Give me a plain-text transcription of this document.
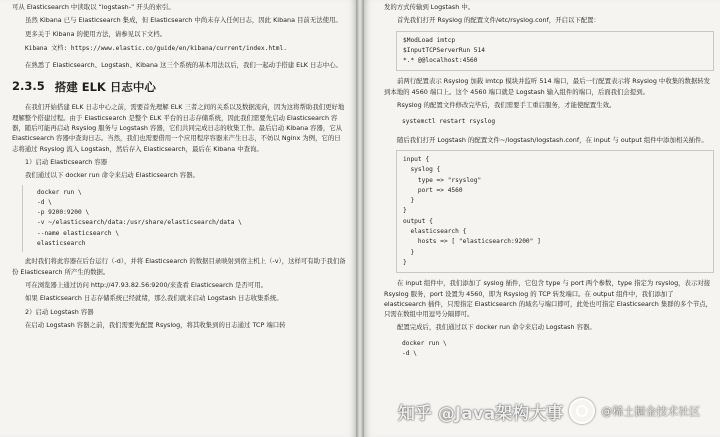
可从 Elasticsearch 中读取以 “logstash-” 开头的索引。

虽然 Kibana 已与 Elasticsearch 集成，但 Elasticsearch 中尚未存入任何日志，因此 Kibana 目前无法使用。

更多关于 Kibana 的使用方法，请参见以下文档。

Kibana 文档: https://www.elastic.co/guide/en/kibana/current/index.html.

在熟悉了 Elasticsearch、Logstash、Kibana 这三个系统的基本用法以后，我们一起动手搭建 ELK 日志中心。

2.3.5 搭建 ELK 日志中心

在我们开始搭建 ELK 日志中心之前，需要首先理解 ELK 三者之间的关系以及数据流向，因为这将帮助我们更好地理解整个搭建过程。由于 Elasticsearch 是整个 ELK 平台的日志存储系统，因此我们需要先启动 Elasticsearch 容器，随后可能再启动 Rsyslog 服务与 Logstash 容器，它们共同完成日志的收集工作。最后启动 Kibana 容器，它从 Elasticsearch 容器中查询日志。当然，我们也需要借用一个应用程序容器来产生日志，不妨以 Nginx 为例，它的日志将通过 Rsyslog 流入 Logstash，然后存入 Elasticsearch，最后在 Kibana 中查询。

1）启动 Elasticsearch 容器

我们通过以下 docker run 命令来启动 Elasticsearch 容器。

docker run \
-d \
-p 9200:9200 \
-v ~/elasticsearch/data:/usr/share/elasticsearch/data \
--name elasticsearch \
elasticsearch

此时我们将此容器在后台运行（-d），并将 Elasticsearch 的数据目录映射到宿主机上（-v），这样可有助于我们备份 Elasticsearch 所产生的数据。

可在浏览器上通过访问 http://47.93.82.56:9200/来查看 Elasticsearch 是否可用。

如果 Elasticsearch 日志存储系统已经就绪，那么我们就来启动 Logstash 日志收集系统。

2）启动 Logstash 容器

在启动 Logstash 容器之前，我们需要先配置 Rsyslog，将其收集到的日志通过 TCP 端口转

发的方式传输到 Logstash 中。

首先我们打开 Rsyslog 的配置文件/etc/rsyslog.conf，开启以下配置：

$ModLoad imtcp
$InputTCPServerRun 514
*.* @@localhost:4560

前两行配置表示 Rsyslog 加载 imtcp 模块并监听 514 端口，最后一行配置表示将 Rsyslog 中收集的数据转发到本地的 4560 端口上。这个 4560 端口就是 Logstash 输入组件的端口，后面我们会提到。

Rsyslog 的配置文件修改完毕后，我们需要手工重启服务，才能使配置生效。

systemctl restart rsyslog

随后我们打开 Logstash 的配置文件~/logstash/logstash.conf，在 input 与 output 组件中添加相关插件。

input {
syslog {
type => "rsyslog"
port => 4560
}
}
output {
elasticsearch {
hosts => [ "elasticsearch:9200" ]
}
}

在 input 组件中，我们添加了 syslog 插件，它包含 type 与 port 两个参数，type 指定为 rsyslog，表示对接 Rsyslog 服务，port 设置为 4560，即为 Rsyslog 的 TCP 转发端口。在 output 组件中，我们添加了 elasticsearch 插件，只需指定 Elasticsearch 的域名与端口即可，此处也可指定 Elasticsearch 集群的多个节点，只需在数组中用逗号分隔即可。

配置完成后，我们通过以下 docker run 命令来启动 Logstash 容器。

docker run \
-d \
知乎 @Java架构大事	@稀土掘金技术社区
